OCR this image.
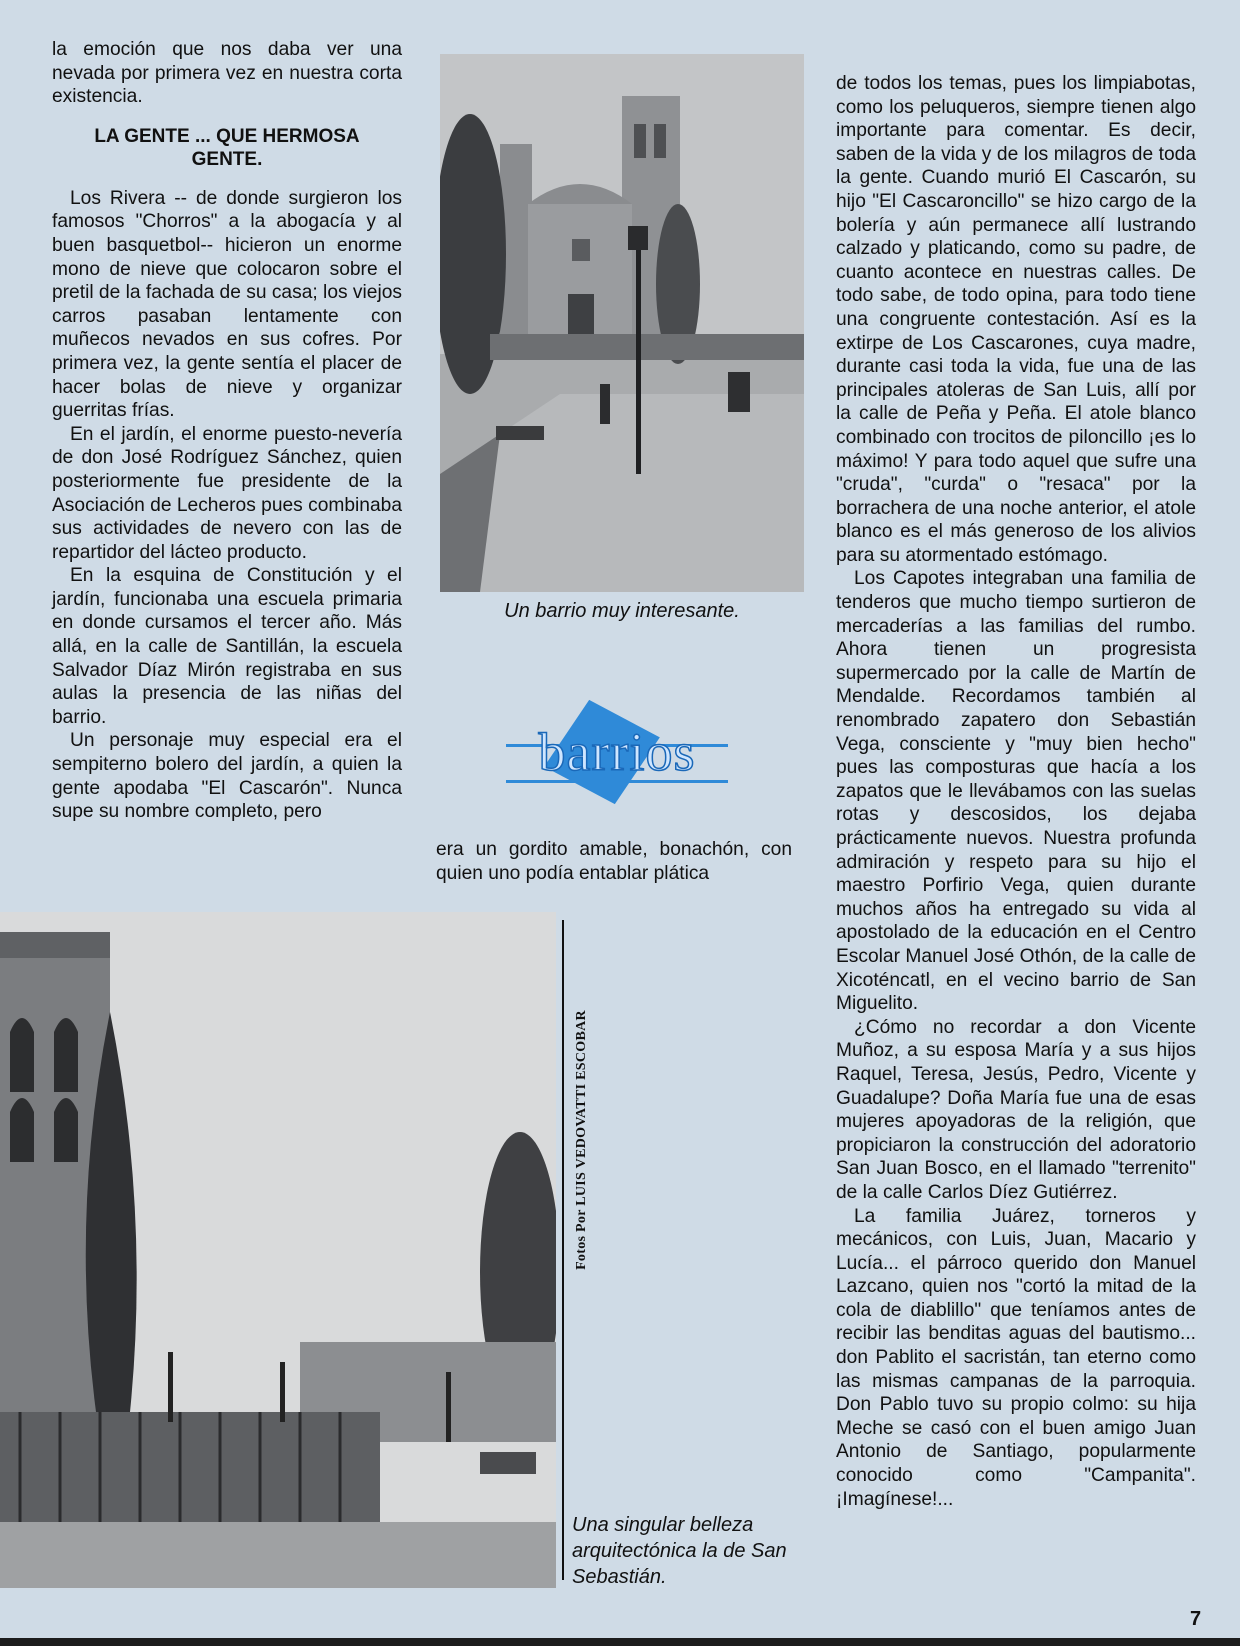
la emoción que nos daba ver una nevada por primera vez en nuestra corta existencia.

LA GENTE ... QUE HERMOSA GENTE.

Los Rivera -- de donde surgieron los famosos "Chorros" a la abogacía y al buen basquetbol-- hicieron un enorme mono de nieve que colocaron sobre el pretil de la fachada de su casa; los viejos carros pasaban lentamente con muñecos nevados en sus cofres. Por primera vez, la gente sentía el placer de hacer bolas de nieve y organizar guerritas frías.

En el jardín, el enorme puesto-nevería de don José Rodríguez Sánchez, quien posteriormente fue presidente de la Asociación de Lecheros pues combinaba sus actividades de nevero con las de repartidor del lácteo producto.

En la esquina de Constitución y el jardín, funcionaba una escuela primaria en donde cursamos el tercer año. Más allá, en la calle de Santillán, la escuela Salvador Díaz Mirón registraba en sus aulas la presencia de las niñas del barrio.

Un personaje muy especial era el sempiterno bolero del jardín, a quien la gente apodaba "El Cascarón". Nunca supe su nombre completo, pero

Un barrio muy interesante.
barrios

era un gordito amable, bonachón, con quien uno podía entablar plática

de todos los temas, pues los limpiabotas, como los peluqueros, siempre tienen algo importante para comentar. Es decir, saben de la vida y de los milagros de toda la gente. Cuando murió El Cascarón, su hijo "El Cascaroncillo" se hizo cargo de la bolería y aún permanece allí lustrando calzado y platicando, como su padre, de cuanto acontece en nuestras calles. De todo sabe, de todo opina, para todo tiene una congruente contestación. Así es la extirpe de Los Cascarones, cuya madre, durante casi toda la vida, fue una de las principales atoleras de San Luis, allí por la calle de Peña y Peña. El atole blanco combinado con trocitos de piloncillo ¡es lo máximo! Y para todo aquel que sufre una "cruda", "curda" o "resaca" por la borrachera de una noche anterior, el atole blanco es el más generoso de los alivios para su atormentado estómago.

Los Capotes integraban una familia de tenderos que mucho tiempo surtieron de mercaderías a las familias del rumbo. Ahora tienen un progresista supermercado por la calle de Martín de Mendalde. Recordamos también al renombrado zapatero don Sebastián Vega, consciente y "muy bien hecho" pues las composturas que hacía a los zapatos que le llevábamos con las suelas rotas y descosidos, los dejaba prácticamente nuevos. Nuestra profunda admiración y respeto para su hijo el maestro Porfirio Vega, quien durante muchos años ha entregado su vida al apostolado de la educación en el Centro Escolar Manuel José Othón, de la calle de Xicoténcatl, en el vecino barrio de San Miguelito.

¿Cómo no recordar a don Vicente Muñoz, a su esposa María y a sus hijos Raquel, Teresa, Jesús, Pedro, Vicente y Guadalupe? Doña María fue una de esas mujeres apoyadoras de la religión, que propiciaron la construcción del adoratorio San Juan Bosco, en el llamado "terrenito" de la calle Carlos Díez Gutiérrez.

La familia Juárez, torneros y mecánicos, con Luis, Juan, Macario y Lucía... el párroco querido don Manuel Lazcano, quien nos "cortó la mitad de la cola de diablillo" que teníamos antes de recibir las benditas aguas del bautismo... don Pablito el sacristán, tan eterno como las mismas campanas de la parroquia. Don Pablo tuvo su propio colmo: su hija Meche se casó con el buen amigo Juan Antonio de Santiago, popularmente conocido como "Campanita". ¡Imagínese!...

Fotos Por LUIS VEDOVATTI ESCOBAR
Una singular belleza arquitectónica la de San Sebastián.
7
